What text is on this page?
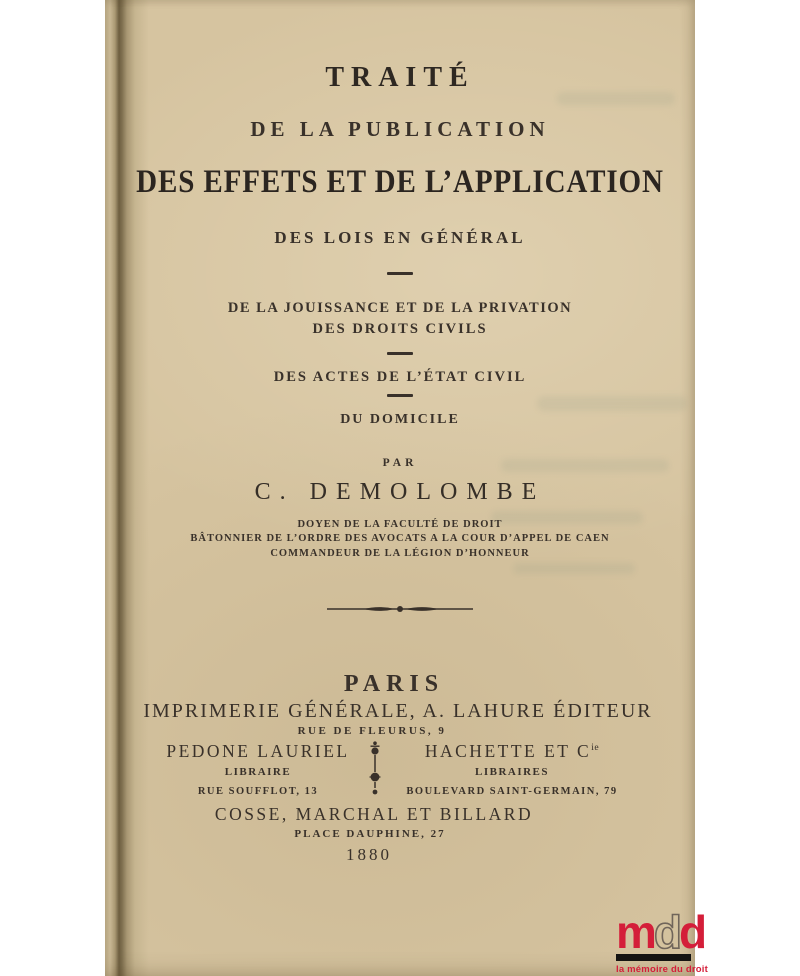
TRAITÉ
DE LA PUBLICATION
DES EFFETS ET DE L’APPLICATION
DES LOIS EN GÉNÉRAL
DE LA JOUISSANCE ET DE LA PRIVATION
DES DROITS CIVILS
DES ACTES DE L’ÉTAT CIVIL
DU DOMICILE
PAR
C. DEMOLOMBE
DOYEN DE LA FACULTÉ DE DROIT
BÂTONNIER DE L’ORDRE DES AVOCATS A LA COUR D’APPEL DE CAEN
COMMANDEUR DE LA LÉGION D’HONNEUR
PARIS
IMPRIMERIE GÉNÉRALE, A. LAHURE ÉDITEUR
RUE DE FLEURUS, 9
PEDONE LAURIEL
LIBRAIRE
RUE SOUFFLOT, 13
HACHETTE ET $C^{ie}$
LIBRAIRES
BOULEVARD SAINT-GERMAIN, 79
COSSE, MARCHAL ET BILLARD
PLACE DAUPHINE, 27
1880
mdd
la mémoire du droit
